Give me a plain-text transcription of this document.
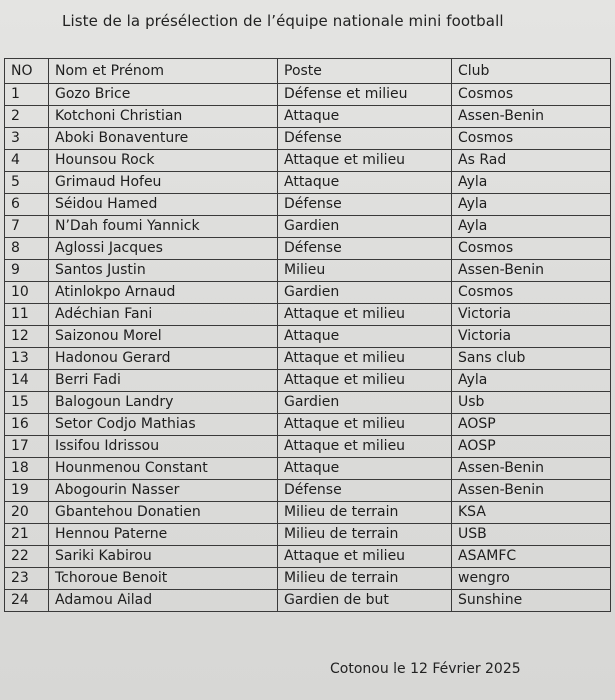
Liste de la présélection de l’équipe nationale mini football
NO	Nom et Prénom	Poste	Club
1	Gozo Brice	Défense et milieu	Cosmos
2	Kotchoni Christian	Attaque	Assen-Benin
3	Aboki Bonaventure	Défense	Cosmos
4	Hounsou Rock	Attaque et milieu	As Rad
5	Grimaud Hofeu	Attaque	Ayla
6	Séidou Hamed	Défense	Ayla
7	N’Dah foumi Yannick	Gardien	Ayla
8	Aglossi Jacques	Défense	Cosmos
9	Santos Justin	Milieu	Assen-Benin
10	Atinlokpo Arnaud	Gardien	Cosmos
11	Adéchian Fani	Attaque et milieu	Victoria
12	Saizonou Morel	Attaque	Victoria
13	Hadonou Gerard	Attaque et milieu	Sans club
14	Berri Fadi	Attaque et milieu	Ayla
15	Balogoun Landry	Gardien	Usb
16	Setor Codjo Mathias	Attaque et milieu	AOSP
17	Issifou Idrissou	Attaque et milieu	AOSP
18	Hounmenou Constant	Attaque	Assen-Benin
19	Abogourin Nasser	Défense	Assen-Benin
20	Gbantehou Donatien	Milieu de terrain	KSA
21	Hennou Paterne	Milieu de terrain	USB
22	Sariki Kabirou	Attaque et milieu	ASAMFC
23	Tchoroue Benoit	Milieu de terrain	wengro
24	Adamou Ailad	Gardien de but	Sunshine
Cotonou le 12 Février 2025
